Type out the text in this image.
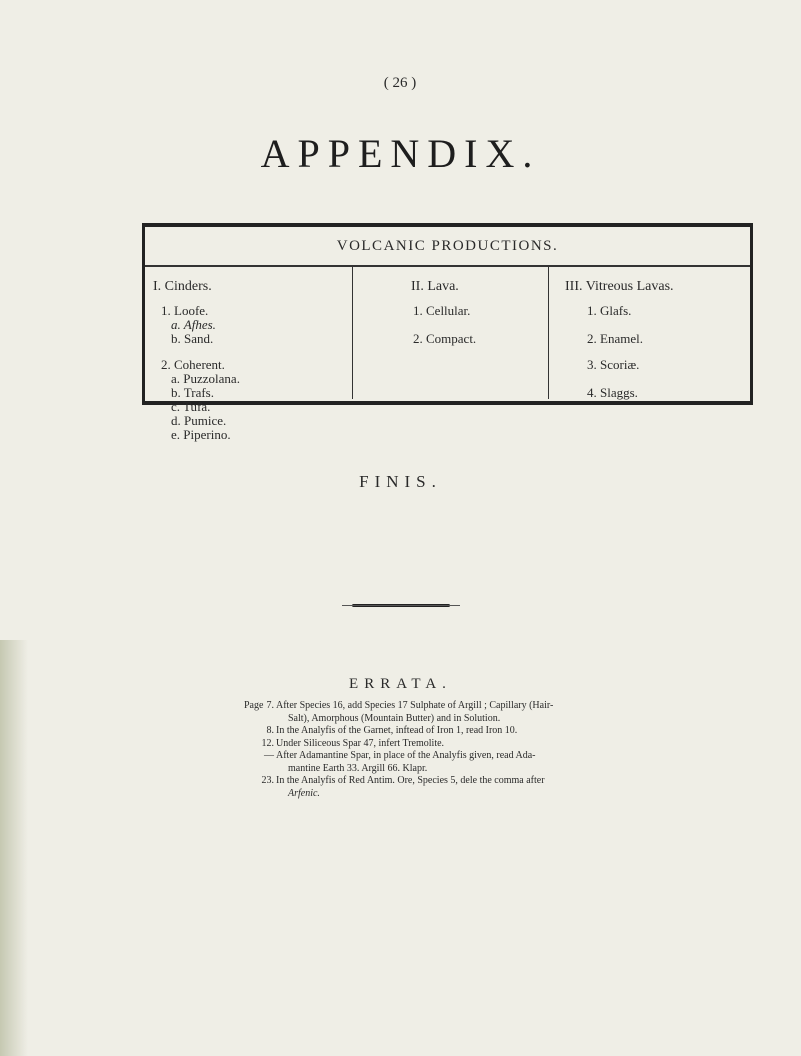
( 26 )
APPENDIX.
VOLCANIC PRODUCTIONS.
I. Cinders.
1. Loofe.
a. Afhes.
b. Sand.
2. Coherent.
a. Puzzolana.
b. Trafs.
c. Tufa.
d. Pumice.
e. Piperino.
II. Lava.
1. Cellular.
2. Compact.
III. Vitreous Lavas.
1. Glafs.
2. Enamel.
3. Scoriæ.
4. Slaggs.
FINIS.
ERRATA.
Page 7. After Species 16, add Species 17 Sulphate of Argill ; Capillary (Hair-
Salt), Amorphous (Mountain Butter) and in Solution.
8. In the Analyfis of the Garnet, inftead of Iron 1, read Iron 10.
12. Under Siliceous Spar 47, infert Tremolite.
— After Adamantine Spar, in place of the Analyfis given, read Ada-
mantine Earth 33. Argill 66. Klapr.
23. In the Analyfis of Red Antim. Ore, Species 5, dele the comma after
Arfenic.
